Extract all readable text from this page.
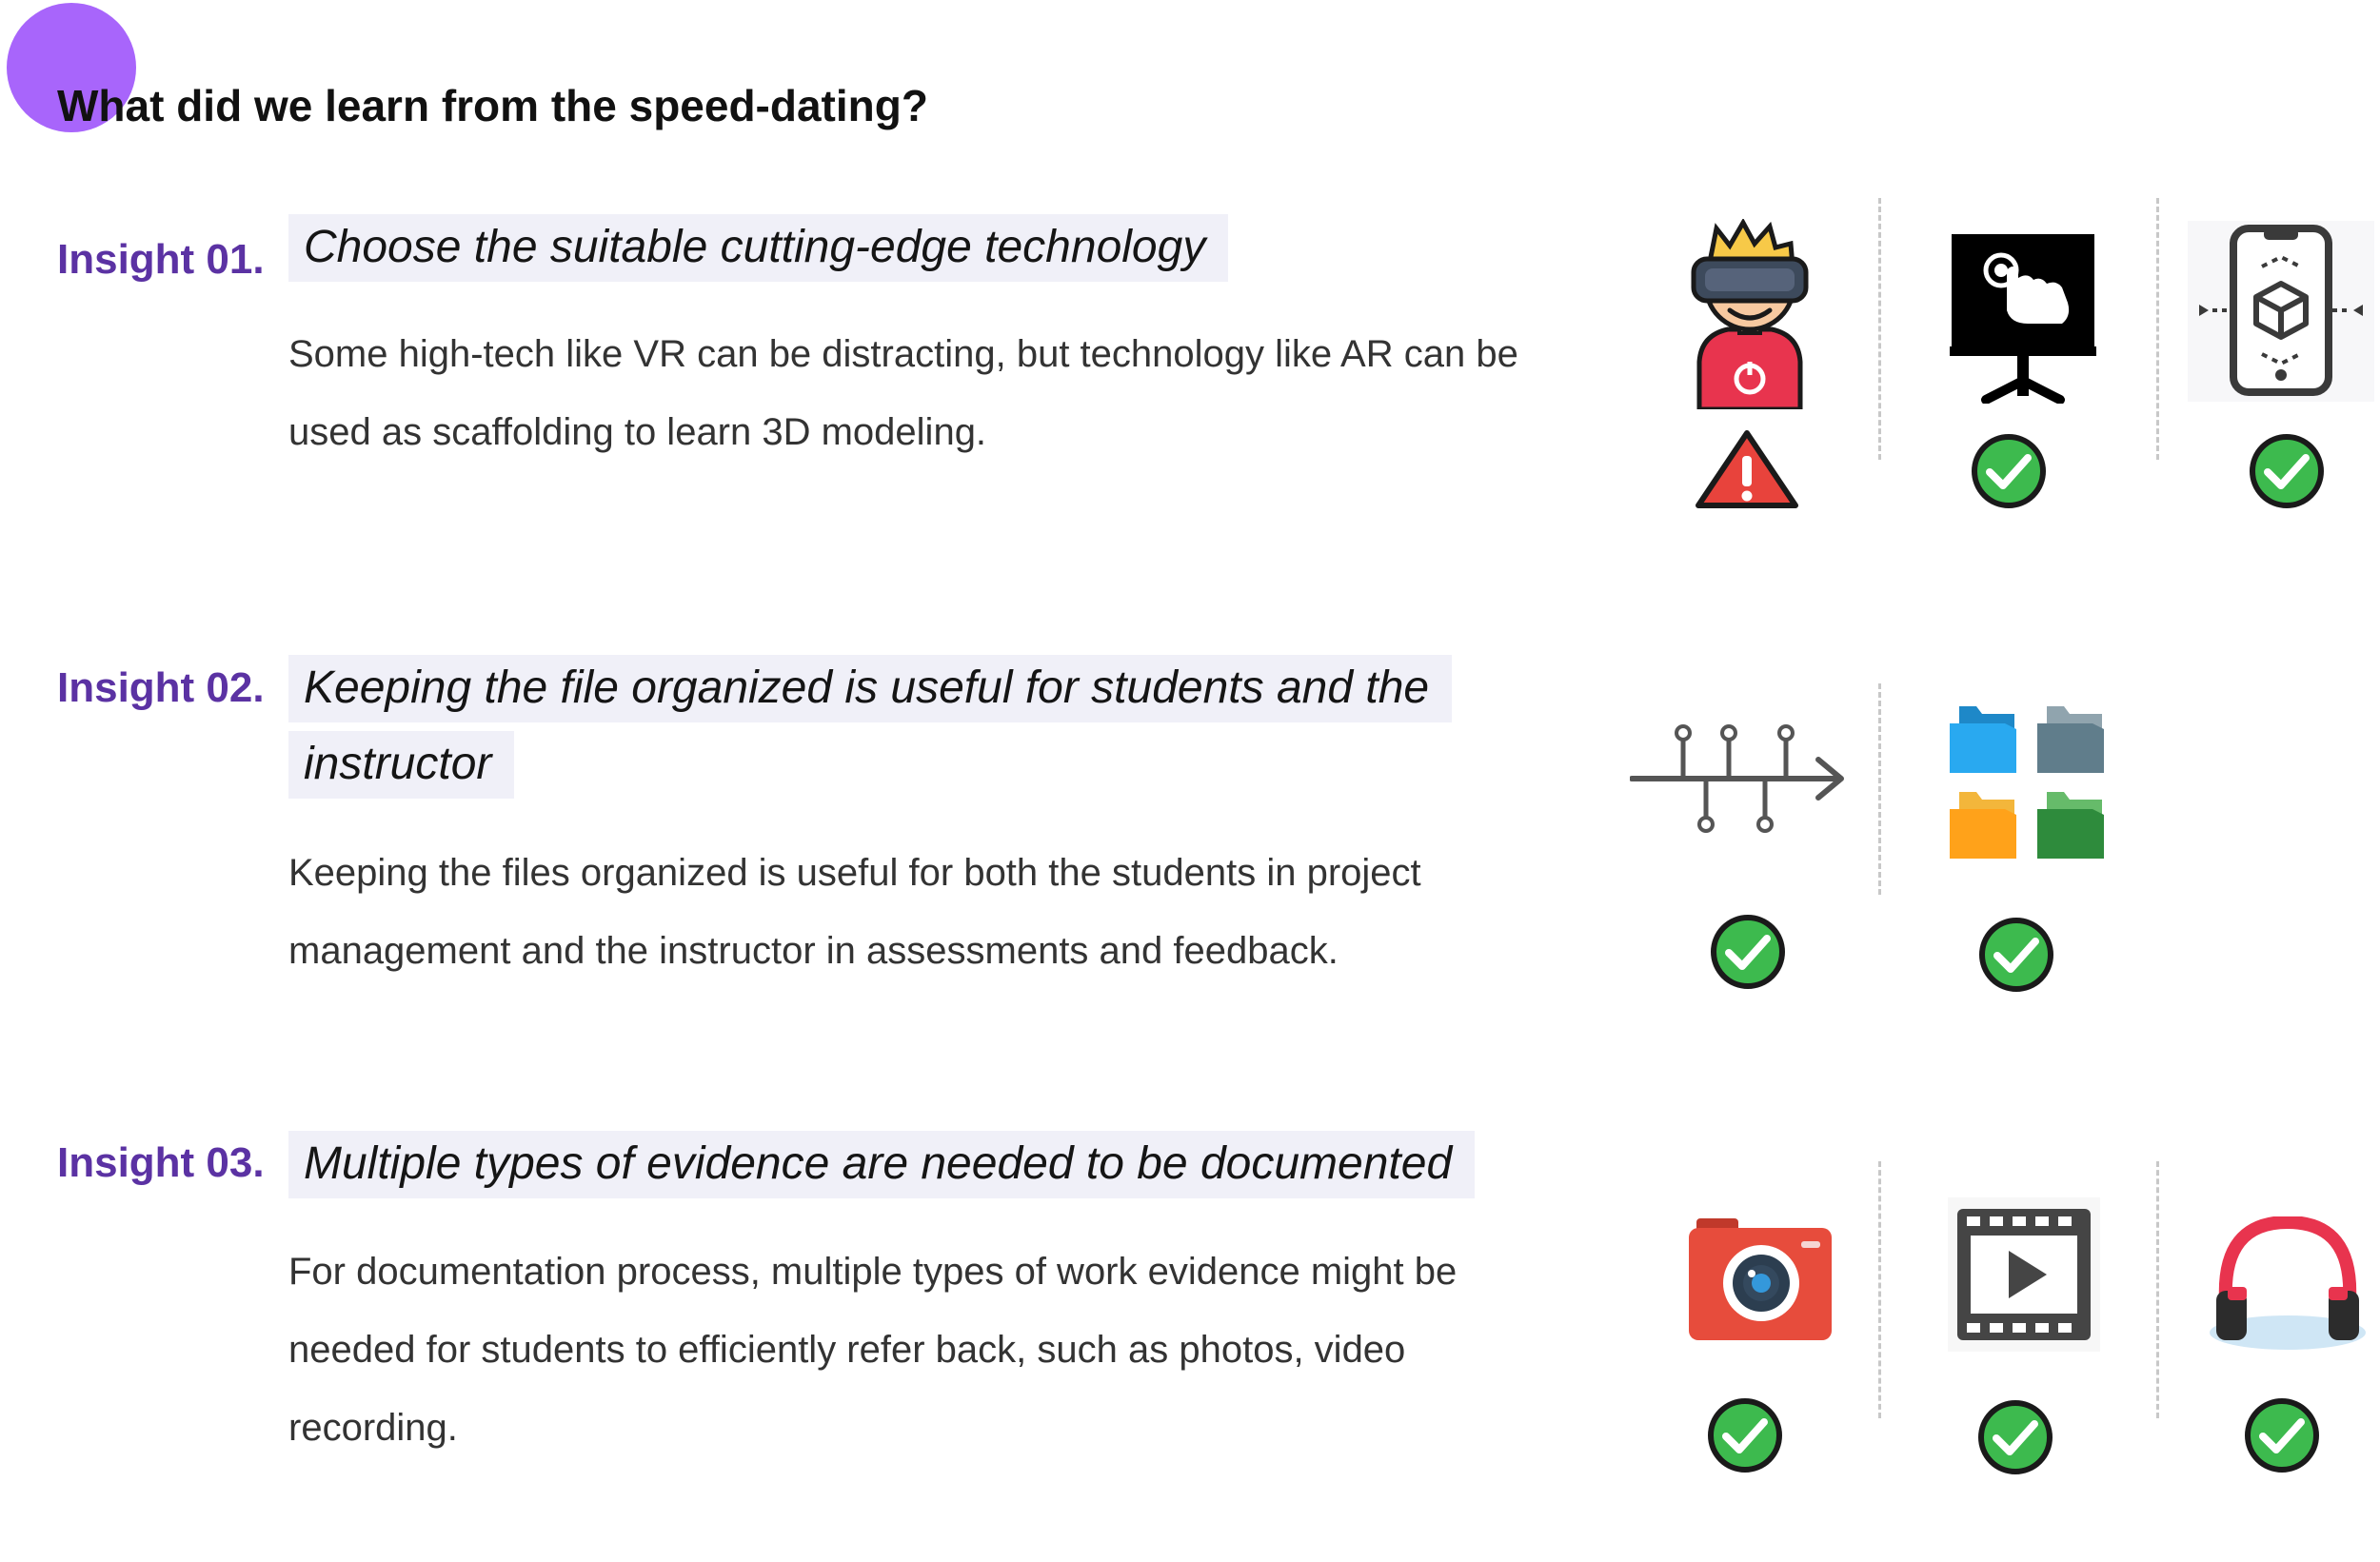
What did we learn from the speed-dating?
Insight 01. Choose the suitable cutting-edge technology
Some high-tech like VR can be distracting, but technology like AR can be used as scaffolding to learn 3D modeling.
Insight 02. Keeping the file organized is useful for students and the instructor
Keeping the files organized is useful for both the students in project management and the instructor in assessments and feedback.
Insight 03. Multiple types of evidence are needed to be documented
For documentation process, multiple types of work evidence might be needed for students to efficiently refer back, such as photos, video recording.
